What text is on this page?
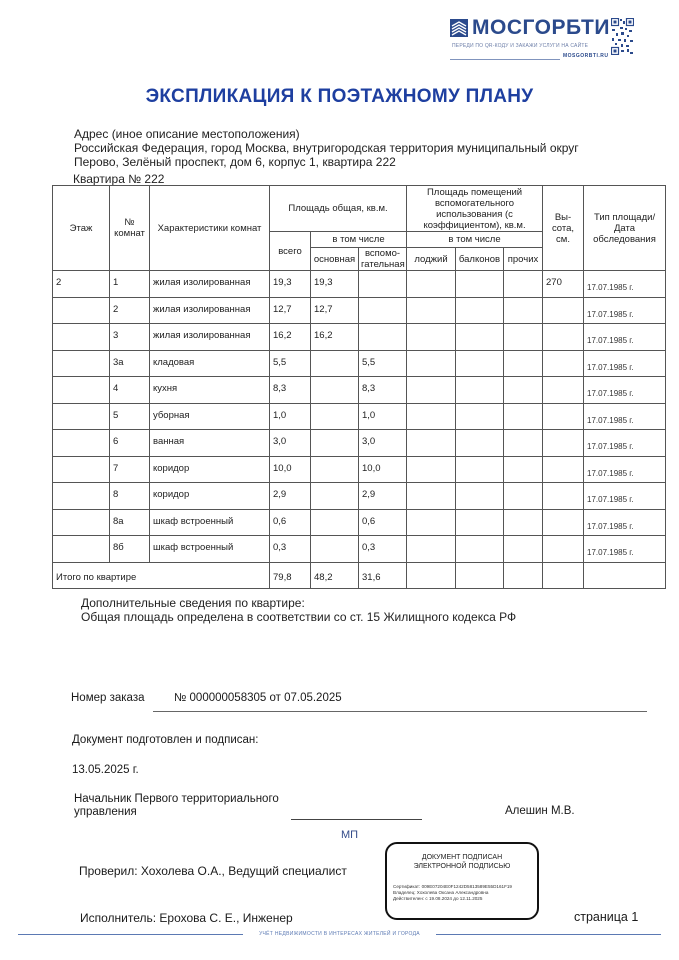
МОСГОРБТИ
ПЕРЕДИ ПО QR-КОДУ И ЗАКАЖИ УСЛУГИ НА САЙТЕ
MOSGORBTI.RU
ЭКСПЛИКАЦИЯ К ПОЭТАЖНОМУ ПЛАНУ
Адрес (иное описание местоположения)
Российская Федерация, город Москва, внутригородская территория муниципальный округ
Перово, Зелёный проспект, дом 6, корпус 1, квартира 222
Квартира № 222
Этаж	№ комнат	Характеристики комнат	Площадь общая, кв.м.			Площадь помещений вспомогательного использования (с коэффициентом), кв.м.			Вы-сота, см.	Тип площади/ Дата обследования
			всего	в том числе		в том числе				
				основная	вспомо-гательная	лоджий	балконов	прочих		
2	1	жилая изолированная	19,3	19,3					270	17.07.1985 г.
	2	жилая изолированная	12,7	12,7						17.07.1985 г.
	3	жилая изолированная	16,2	16,2						17.07.1985 г.
	3а	кладовая	5,5		5,5					17.07.1985 г.
	4	кухня	8,3		8,3					17.07.1985 г.
	5	уборная	1,0		1,0					17.07.1985 г.
	6	ванная	3,0		3,0					17.07.1985 г.
	7	коридор	10,0		10,0					17.07.1985 г.
	8	коридор	2,9		2,9					17.07.1985 г.
	8а	шкаф встроенный	0,6		0,6					17.07.1985 г.
	8б	шкаф встроенный	0,3		0,3					17.07.1985 г.
Итого по квартире			79,8	48,2	31,6					
Дополнительные сведения по квартире:
Общая площадь определена в соответствии со ст. 15 Жилищного кодекса РФ
Номер заказа	№ 000000058305 от 07.05.2025
Документ подготовлен и подписан:
13.05.2025 г.
Начальник Первого территориального
управления	Алешин М.В.
МП
Проверил: Хохолева О.А., Ведущий специалист
Исполнитель: Ерохова С. Е., Инженер	страница 1
ДОКУМЕНТ ПОДПИСАН
ЭЛЕКТРОННОЙ ПОДПИСЬЮ
Сертификат: 009E07204E0F1242D5813589E55D161F19
Владелец: Хохолева Оксана Александровна
Действителен: с 19.08.2024 до 12.11.2025
УЧЁТ НЕДВИЖИМОСТИ В ИНТЕРЕСАХ ЖИТЕЛЕЙ И ГОРОДА
